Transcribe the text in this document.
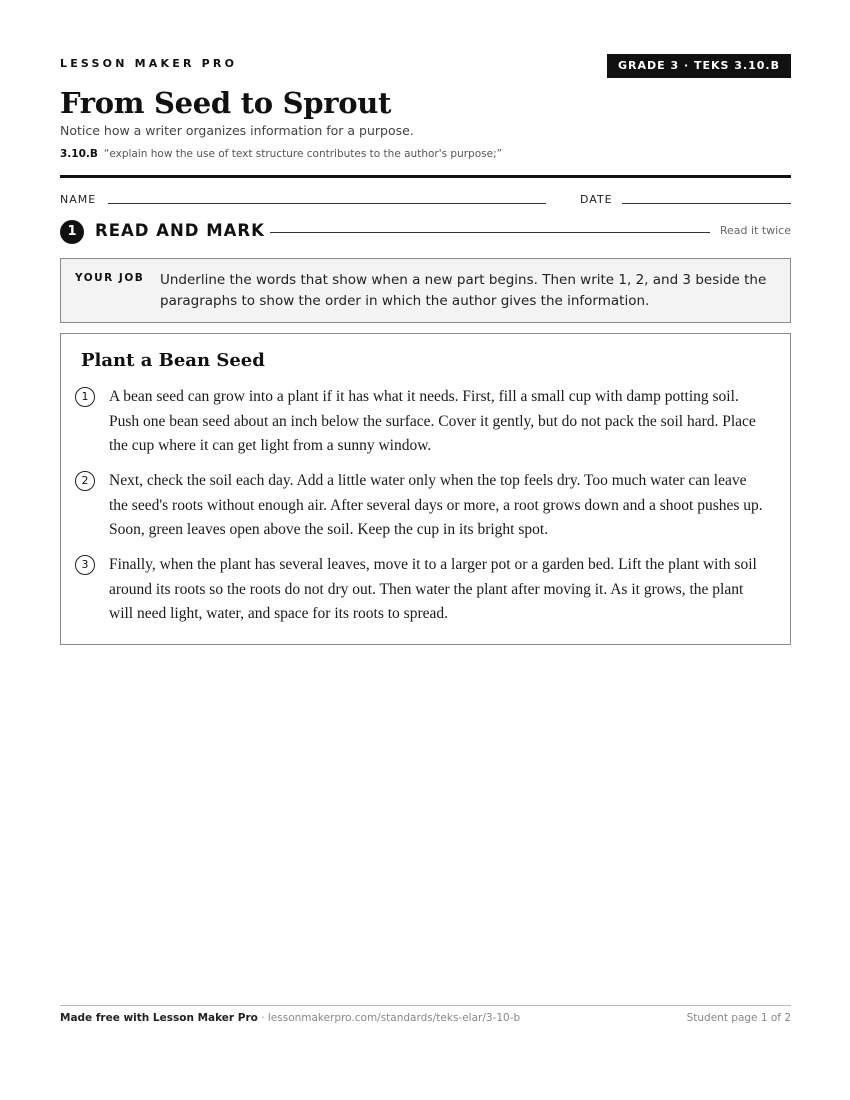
LESSON MAKER PRO	GRADE 3 · TEKS 3.10.B
From Seed to Sprout
Notice how a writer organizes information for a purpose.
3.10.B “explain how the use of text structure contributes to the author's purpose;”
NAME	DATE
1	READ AND MARK	Read it twice
YOUR JOB Underline the words that show when a new part begins. Then write 1, 2, and 3 beside the paragraphs to show the order in which the author gives the information.
Plant a Bean Seed
1	A bean seed can grow into a plant if it has what it needs. First, fill a small cup with damp potting soil. Push one bean seed about an inch below the surface. Cover it gently, but do not pack the soil hard. Place the cup where it can get light from a sunny window.
2	Next, check the soil each day. Add a little water only when the top feels dry. Too much water can leave the seed's roots without enough air. After several days or more, a root grows down and a shoot pushes up. Soon, green leaves open above the soil. Keep the cup in its bright spot.
3	Finally, when the plant has several leaves, move it to a larger pot or a garden bed. Lift the plant with soil around its roots so the roots do not dry out. Then water the plant after moving it. As it grows, the plant will need light, water, and space for its roots to spread.
Made free with Lesson Maker Pro · lessonmakerpro.com/standards/teks-elar/3-10-b	Student page 1 of 2
